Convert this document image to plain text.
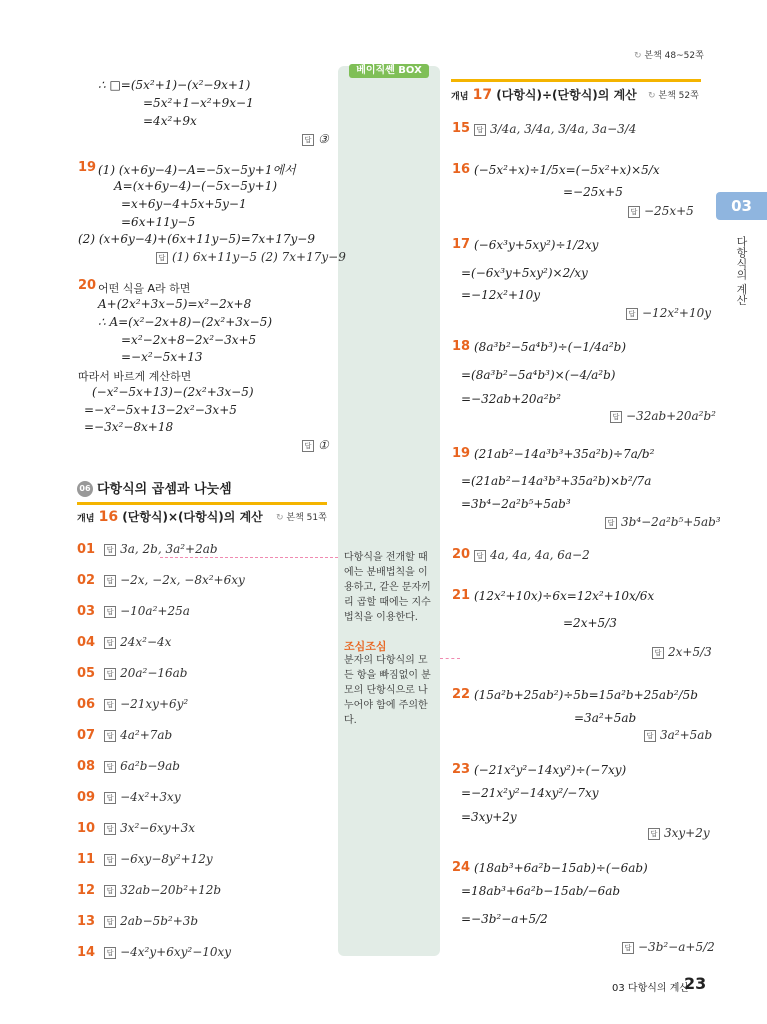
↻ 본책 48~52쪽
03
다항식의 계산
베이직쎈 BOX
다항식을 전개할 때에는 분배법칙을 이용하고, 같은 문자끼리 곱할 때에는 지수법칙을 이용한다.
조심조심
분자의 다항식의 모든 항을 빠짐없이 분모의 단항식으로 나누어야 함에 주의한다.
∴ □=(5x²+1)−(x²−9x+1)
=5x²+1−x²+9x−1
=4x²+9x
답 ③
19 (1) (x+6y−4)−A=−5x−5y+1에서
A=(x+6y−4)−(−5x−5y+1)
=x+6y−4+5x+5y−1
=6x+11y−5
(2) (x+6y−4)+(6x+11y−5)=7x+17y−9
답 (1) 6x+11y−5 (2) 7x+17y−9
20 어떤 식을 A라 하면
A+(2x²+3x−5)=x²−2x+8
∴ A=(x²−2x+8)−(2x²+3x−5)
=x²−2x+8−2x²−3x+5
=−x²−5x+13
따라서 바르게 계산하면
(−x²−5x+13)−(2x²+3x−5)
=−x²−5x+13−2x²−3x+5
=−3x²−8x+18
답 ①
06 다항식의 곱셈과 나눗셈
개념 16 (단항식)×(다항식)의 계산 ↻ 본책 51쪽
01 답 3a, 2b, 3a²+2ab
02 답 −2x, −2x, −8x²+6xy
03 답 −10a²+25a
04 답 24x²−4x
05 답 20a²−16ab
06 답 −21xy+6y²
07 답 4a²+7ab
08 답 6a²b−9ab
09 답 −4x²+3xy
10 답 3x²−6xy+3x
11 답 −6xy−8y²+12y
12 답 32ab−20b²+12b
13 답 2ab−5b²+3b
14 답 −4x²y+6xy²−10xy
개념 17 (다항식)÷(단항식)의 계산 ↻ 본책 52쪽
15 답 3/4a, 3/4a, 3/4a, 3a−3/4
16 (−5x²+x)÷1/5x=(−5x²+x)×5/x
=−25x+5
답 −25x+5
17 (−6x³y+5xy²)÷1/2xy
=(−6x³y+5xy²)×2/xy
=−12x²+10y
답 −12x²+10y
18 (8a³b²−5a⁴b³)÷(−1/4a²b)
=(8a³b²−5a⁴b³)×(−4/a²b)
=−32ab+20a²b²
답 −32ab+20a²b²
19 (21ab²−14a³b³+35a²b)÷7a/b²
=(21ab²−14a³b³+35a²b)×b²/7a
=3b⁴−2a²b⁵+5ab³
답 3b⁴−2a²b⁵+5ab³
20 답 4a, 4a, 4a, 6a−2
21 (12x²+10x)÷6x=12x²+10x/6x
=2x+5/3
답 2x+5/3
22 (15a²b+25ab²)÷5b=15a²b+25ab²/5b
=3a²+5ab
답 3a²+5ab
23 (−21x²y²−14xy²)÷(−7xy)
=−21x²y²−14xy²/−7xy
=3xy+2y
답 3xy+2y
24 (18ab³+6a²b−15ab)÷(−6ab)
=18ab³+6a²b−15ab/−6ab
=−3b²−a+5/2
답 −3b²−a+5/2
03 다항식의 계산
23
